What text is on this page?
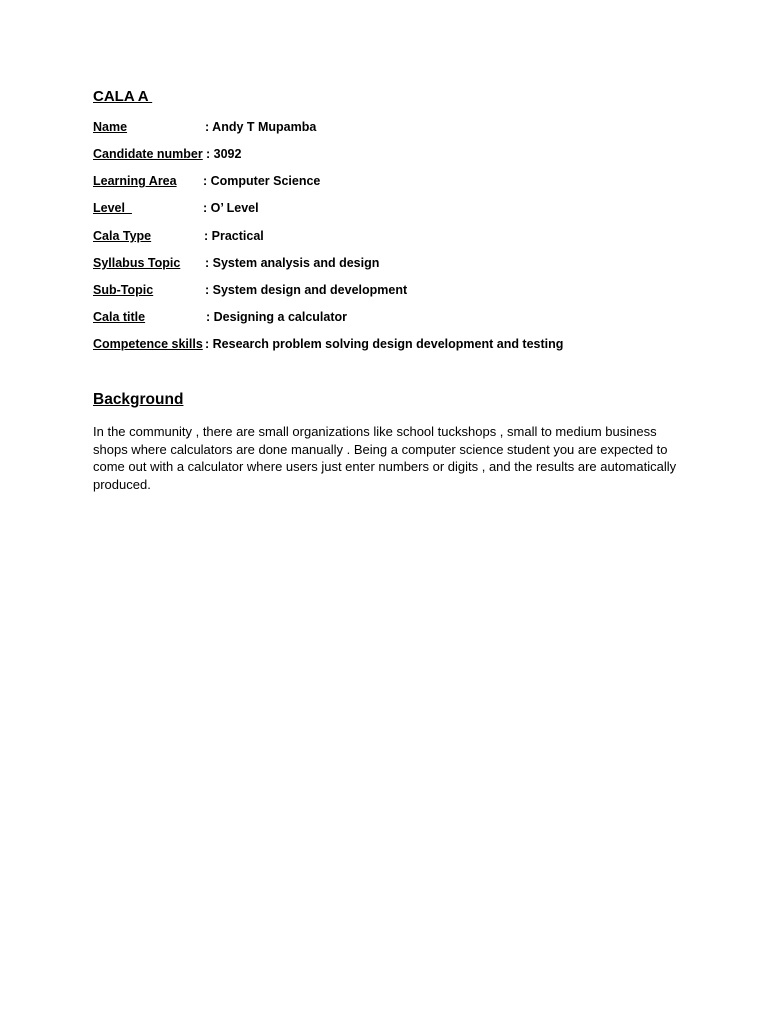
CALA A
Name	: Andy T Mupamba
Candidate number : 3092
Learning Area : Computer Science
Level	: O’ Level
Cala Type	: Practical
Syllabus Topic : System analysis and design
Sub-Topic	: System design and development
Cala title	: Designing a calculator
Competence skills : Research problem solving design development and testing
Background
In the community , there are small organizations like school tuckshops , small to medium business shops where calculators are done manually . Being a computer science student you are expected to come out with a calculator where users just enter numbers or digits , and the results are automatically produced.
